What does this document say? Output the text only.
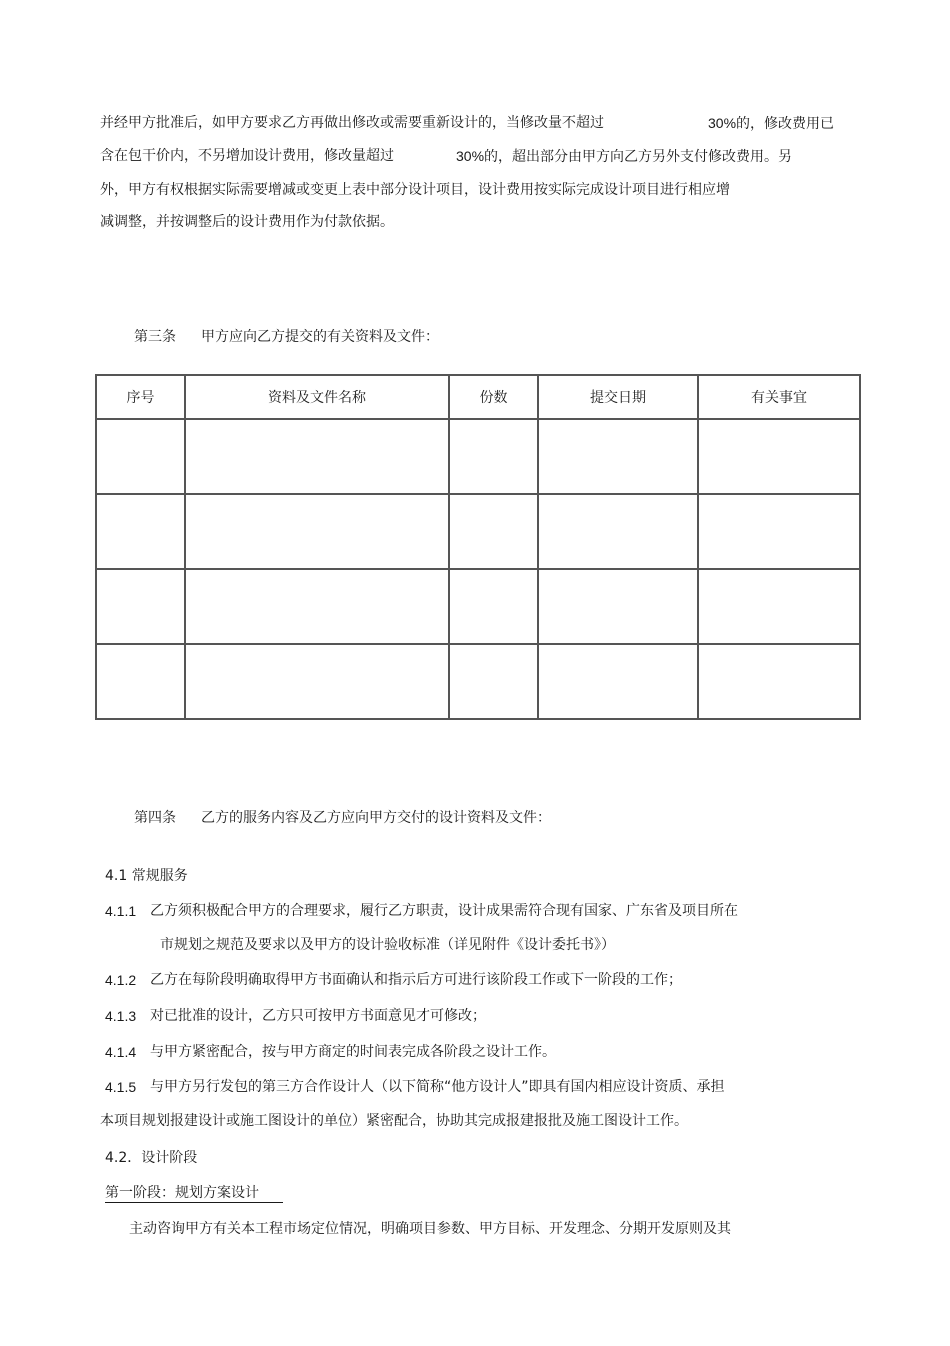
并经甲方批准后，如甲方要求乙方再做出修改或需要重新设计的，当修改量不超过	30%的，修改费用已
含在包干价内，不另增加设计费用，修改量超过	30%的，超出部分由甲方向乙方另外支付修改费用。另
外，甲方有权根据实际需要增减或变更上表中部分设计项目，设计费用按实际完成设计项目进行相应增
减调整，并按调整后的设计费用作为付款依据。
第三条 甲方应向乙方提交的有关资料及文件：
序号	资料及文件名称	份数	提交日期	有关事宜

第四条 乙方的服务内容及乙方应向甲方交付的设计资料及文件：
4.1 常规服务
4.1.1 乙方须积极配合甲方的合理要求，履行乙方职责，设计成果需符合现有国家、广东省及项目所在
市规划之规范及要求以及甲方的设计验收标准（详见附件《设计委托书》）
4.1.2 乙方在每阶段明确取得甲方书面确认和指示后方可进行该阶段工作或下一阶段的工作；
4.1.3 对已批准的设计，乙方只可按甲方书面意见才可修改；
4.1.4 与甲方紧密配合，按与甲方商定的时间表完成各阶段之设计工作。
4.1.5 与甲方另行发包的第三方合作设计人（以下简称“他方设计人”即具有国内相应设计资质、承担
本项目规划报建设计或施工图设计的单位）紧密配合，协助其完成报建报批及施工图设计工作。
4.2．设计阶段
第一阶段：规划方案设计
主动咨询甲方有关本工程市场定位情况，明确项目参数、甲方目标、开发理念、分期开发原则及其
